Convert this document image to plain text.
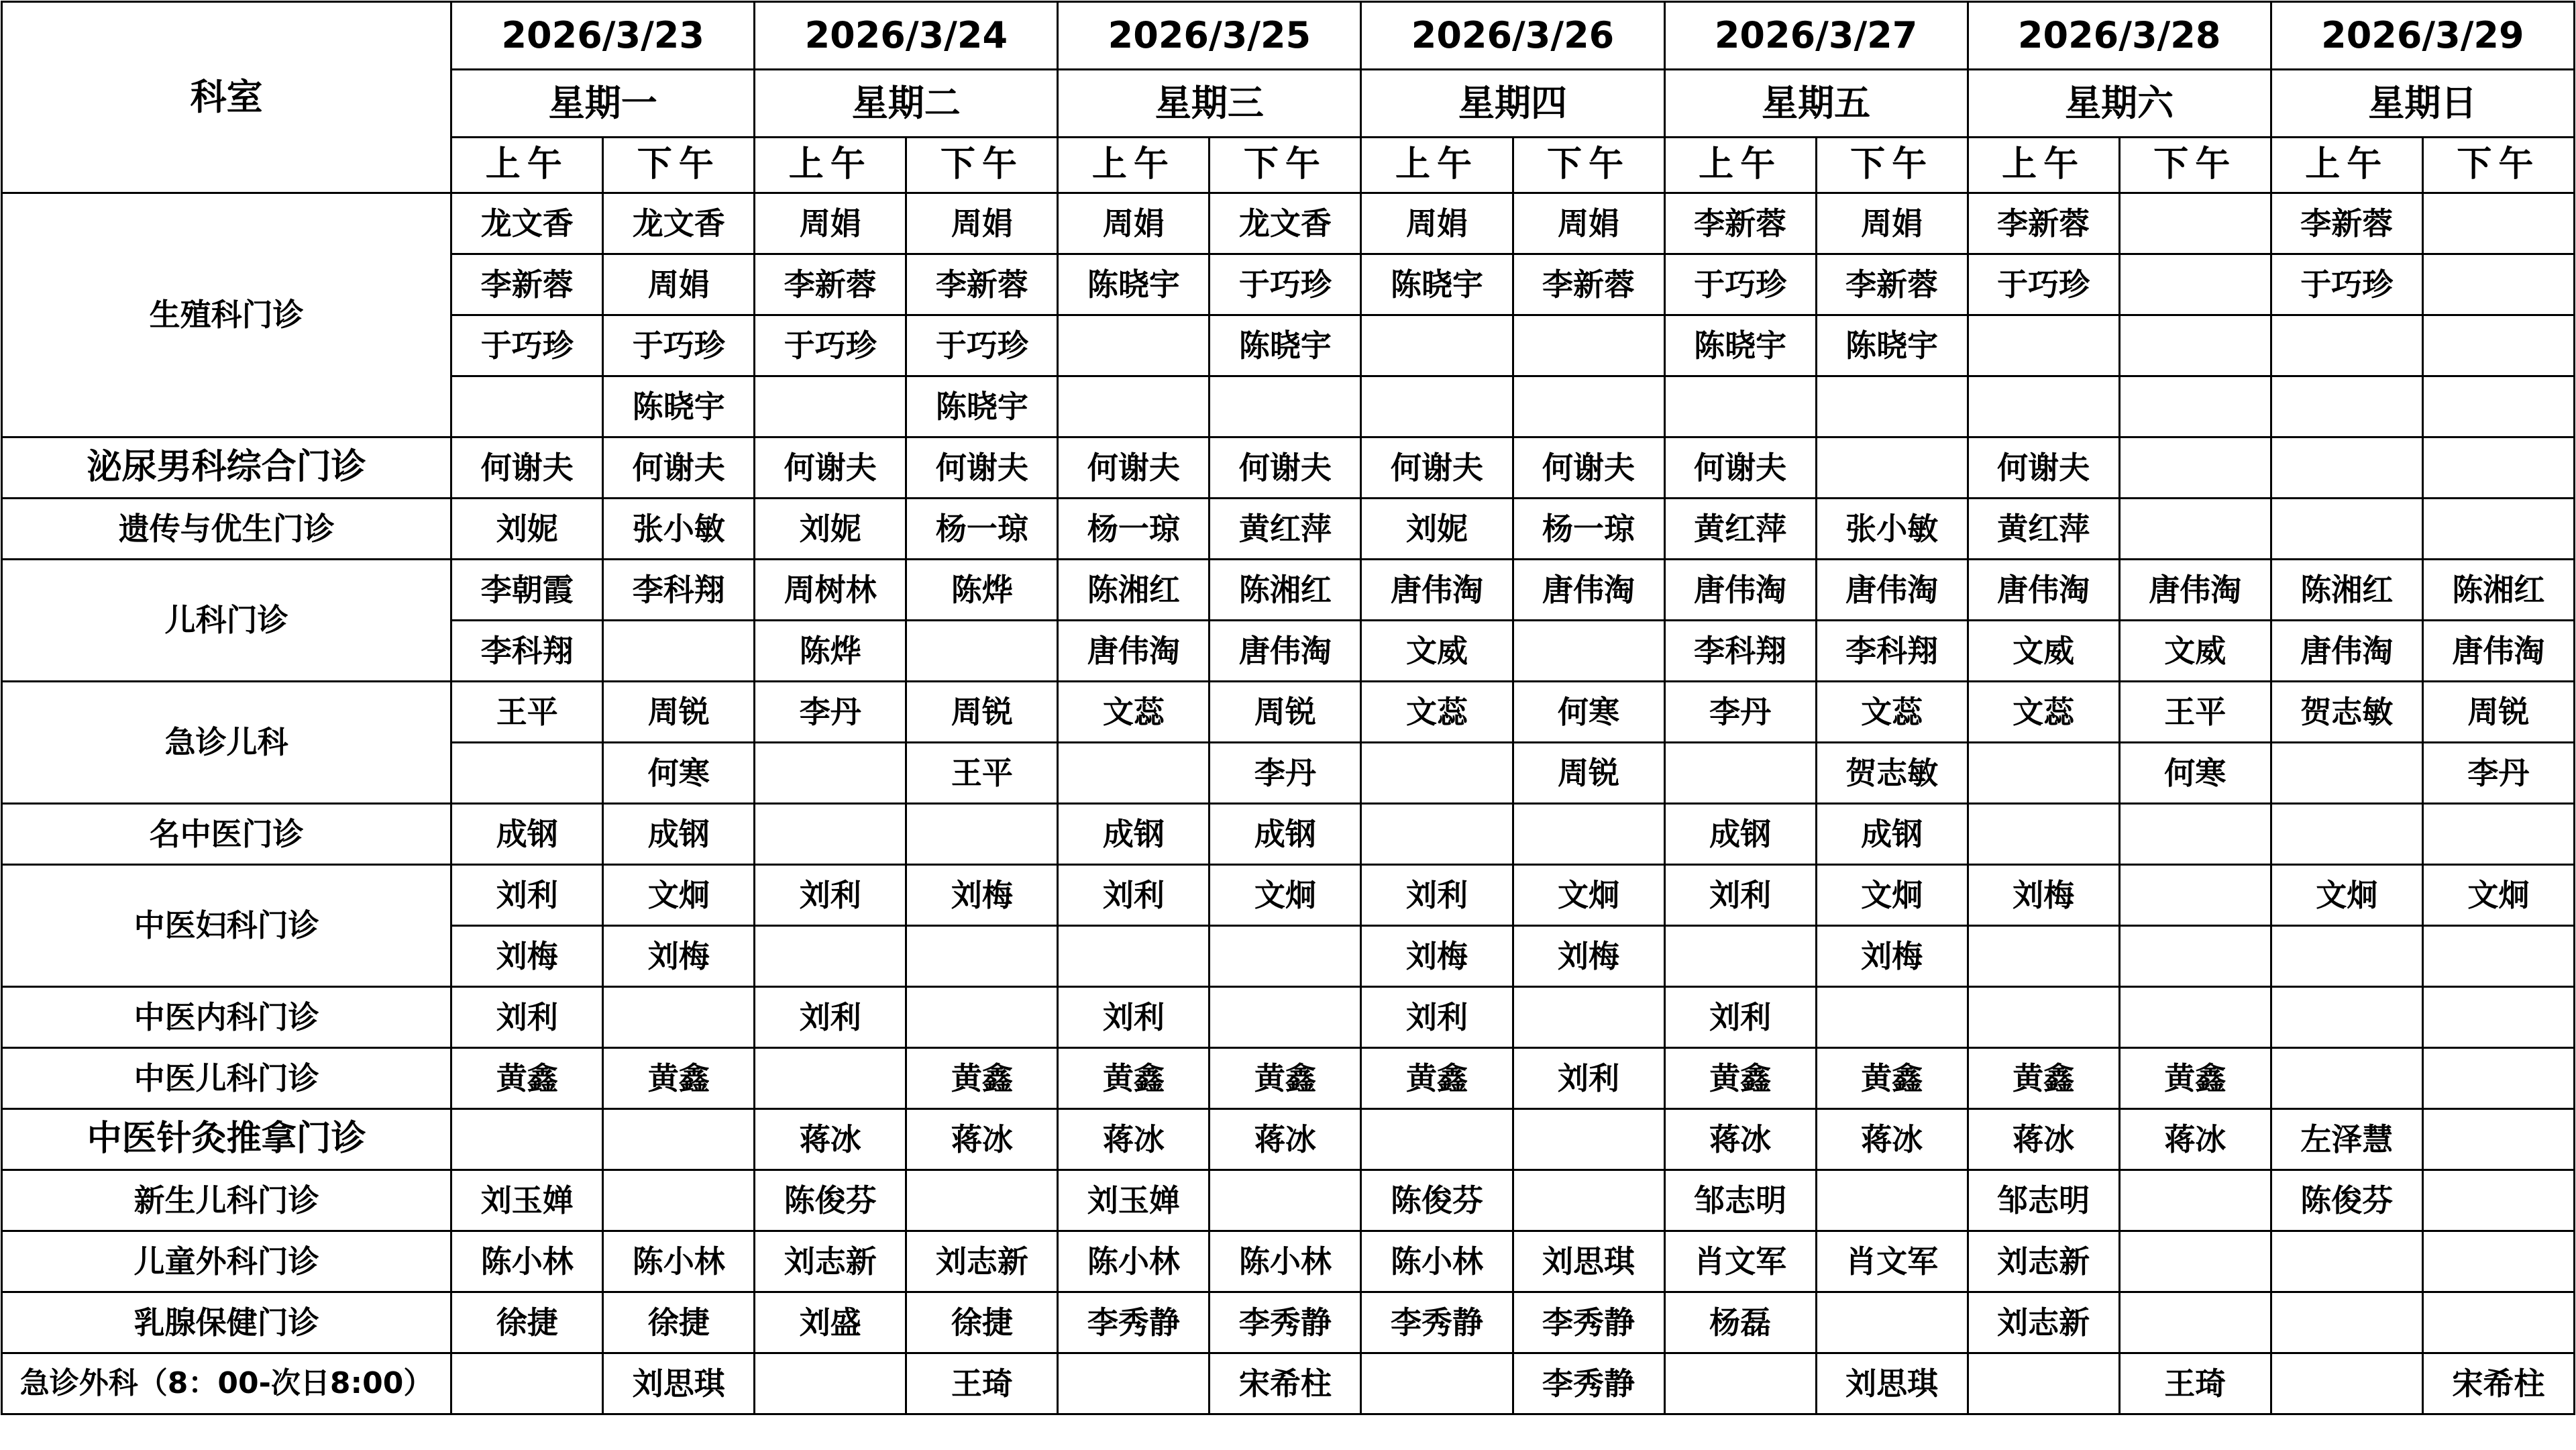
科室	2026/3/23		2026/3/24		2026/3/25		2026/3/26		2026/3/27		2026/3/28		2026/3/29	
	星期一		星期二		星期三		星期四		星期五		星期六		星期日	
	上午	下午	上午	下午	上午	下午	上午	下午	上午	下午	上午	下午	上午	下午
生殖科门诊	龙文香	龙文香	周娟	周娟	周娟	龙文香	周娟	周娟	李新蓉	周娟	李新蓉		李新蓉	
	李新蓉	周娟	李新蓉	李新蓉	陈晓宇	于巧珍	陈晓宇	李新蓉	于巧珍	李新蓉	于巧珍		于巧珍	
	于巧珍	于巧珍	于巧珍	于巧珍		陈晓宇			陈晓宇	陈晓宇				
		陈晓宇		陈晓宇										
泌尿男科综合门诊	何谢夫	何谢夫	何谢夫	何谢夫	何谢夫	何谢夫	何谢夫	何谢夫	何谢夫		何谢夫			
遗传与优生门诊	刘妮	张小敏	刘妮	杨一琼	杨一琼	黄红萍	刘妮	杨一琼	黄红萍	张小敏	黄红萍			
儿科门诊	李朝霞	李科翔	周树林	陈烨	陈湘红	陈湘红	唐伟淘	唐伟淘	唐伟淘	唐伟淘	唐伟淘	唐伟淘	陈湘红	陈湘红
	李科翔		陈烨		唐伟淘	唐伟淘	文威		李科翔	李科翔	文威	文威	唐伟淘	唐伟淘
急诊儿科	王平	周锐	李丹	周锐	文蕊	周锐	文蕊	何寒	李丹	文蕊	文蕊	王平	贺志敏	周锐
		何寒		王平		李丹		周锐		贺志敏		何寒		李丹
名中医门诊	成钢	成钢			成钢	成钢			成钢	成钢				
中医妇科门诊	刘利	文炯	刘利	刘梅	刘利	文炯	刘利	文炯	刘利	文炯	刘梅		文炯	文炯
	刘梅	刘梅					刘梅	刘梅		刘梅				
中医内科门诊	刘利		刘利		刘利		刘利		刘利					
中医儿科门诊	黄鑫	黄鑫		黄鑫	黄鑫	黄鑫	黄鑫	刘利	黄鑫	黄鑫	黄鑫	黄鑫		
中医针灸推拿门诊			蒋冰	蒋冰	蒋冰	蒋冰			蒋冰	蒋冰	蒋冰	蒋冰	左泽慧	
新生儿科门诊	刘玉婵		陈俊芬		刘玉婵		陈俊芬		邹志明		邹志明		陈俊芬	
儿童外科门诊	陈小林	陈小林	刘志新	刘志新	陈小林	陈小林	陈小林	刘思琪	肖文军	肖文军	刘志新			
乳腺保健门诊	徐捷	徐捷	刘盛	徐捷	李秀静	李秀静	李秀静	李秀静	杨磊		刘志新			
急诊外科（8：00-次日8:00）		刘思琪		王琦		宋希柱		李秀静		刘思琪		王琦		宋希柱
